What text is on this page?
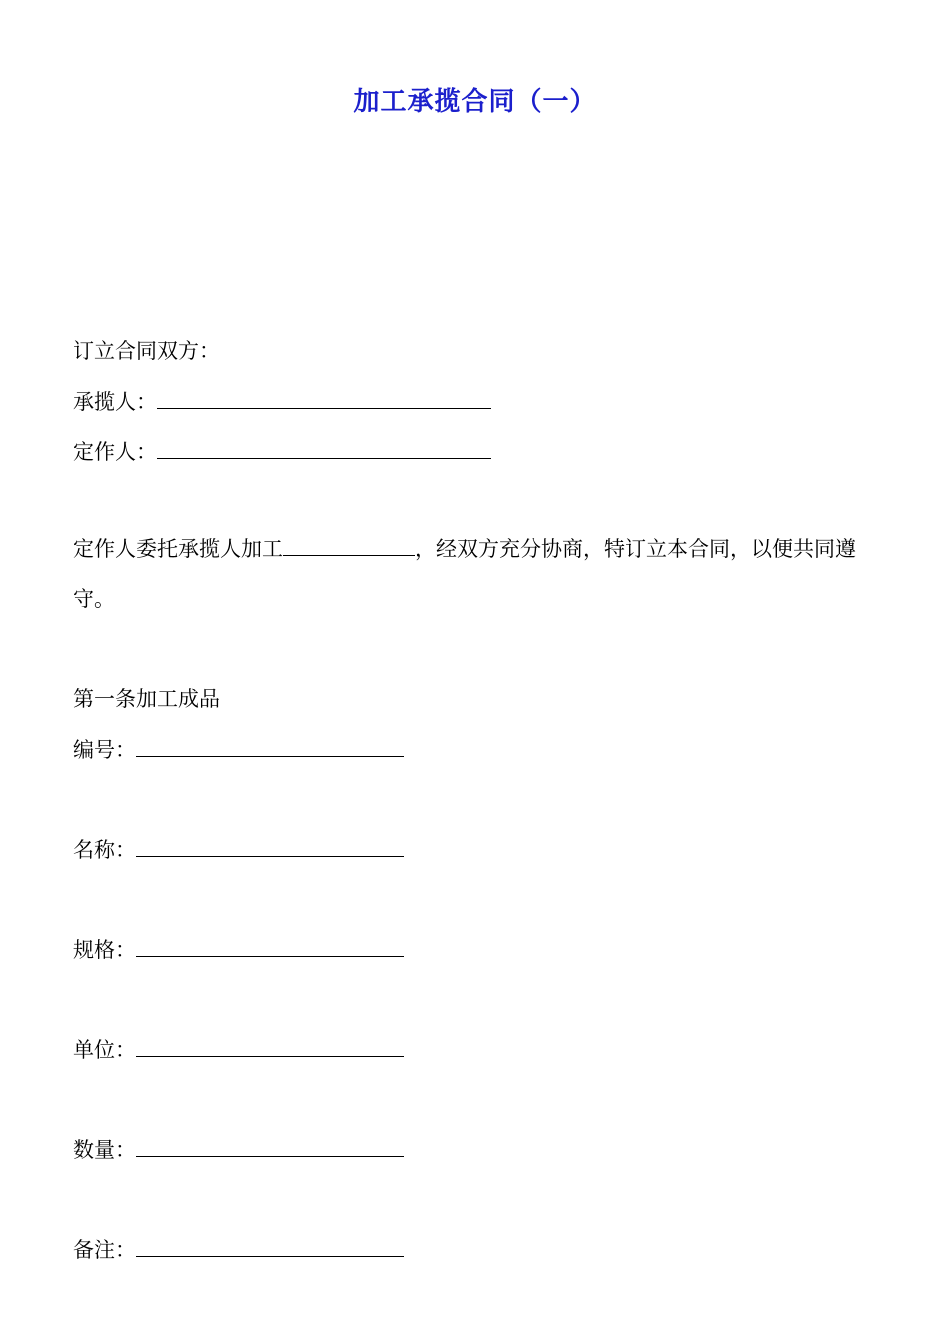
加工承揽合同（一）
订立合同双方：
承揽人：
定作人：
定作人委托承揽人加工	，经双方充分协商，特订立本合同，以便共同遵守。
第一条加工成品
编号：
名称：
规格：
单位：
数量：
备注：
